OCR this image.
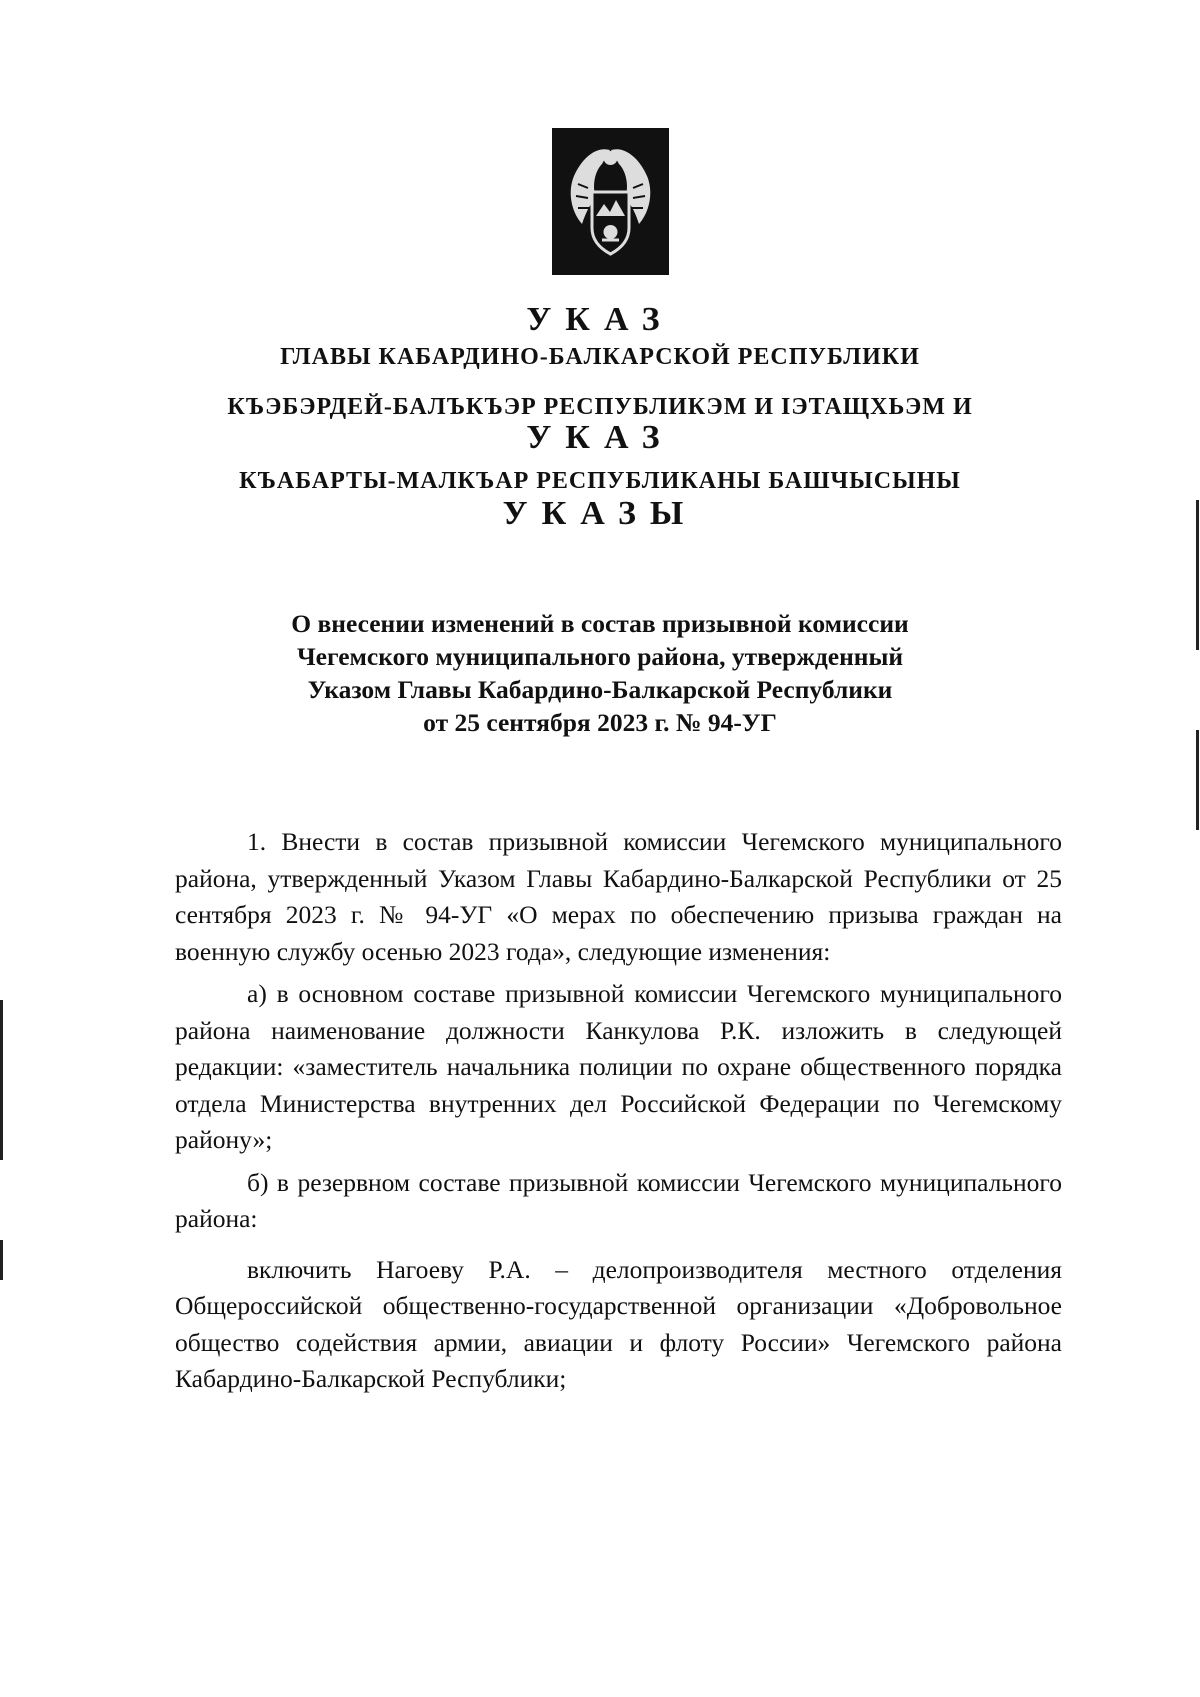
УКАЗ
ГЛАВЫ КАБАРДИНО-БАЛКАРСКОЙ РЕСПУБЛИКИ
КЪЭБЭРДЕЙ-БАЛЪКЪЭР РЕСПУБЛИКЭМ И IЭТАЩХЬЭМ И
УКАЗ
КЪАБАРТЫ-МАЛКЪАР РЕСПУБЛИКАНЫ БАШЧЫСЫНЫ
УКАЗЫ
О внесении изменений в состав призывной комиссии
Чегемского муниципального района, утвержденный
Указом Главы Кабардино-Балкарской Республики
от 25 сентября 2023 г. № 94-УГ

1. Внести в состав призывной комиссии Чегемского муниципального района, утвержденный Указом Главы Кабардино-Балкарской Республики от 25 сентября 2023 г. № 94-УГ «О мерах по обеспечению призыва граждан на военную службу осенью 2023 года», следующие изменения:

а) в основном составе призывной комиссии Чегемского муниципального района наименование должности Канкулова Р.К. изложить в следующей редакции: «заместитель начальника полиции по охране общественного порядка отдела Министерства внутренних дел Российской Федерации по Чегемскому району»;

б) в резервном составе призывной комиссии Чегемского муниципального района:

включить Нагоеву Р.А. – делопроизводителя местного отделения Общероссийской общественно-государственной организации «Добровольное общество содействия армии, авиации и флоту России» Чегемского района Кабардино-Балкарской Республики;
